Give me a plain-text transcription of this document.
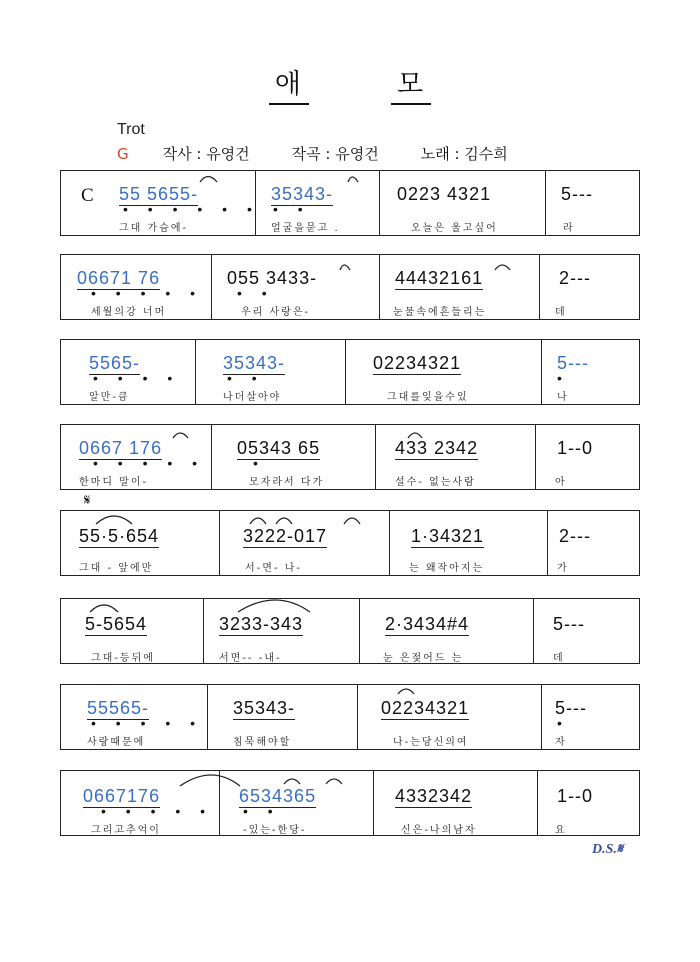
애	모
Trot
G 작사 : 유영건	작곡 : 유영건	노래 : 김수희
C 55 5655-	35343-	0223 4321	5---
• • • • • • • •
그대 가슴에-	얼굴을묻고 .	오늘은 울고싶어	라
06671 76	055 3433-	44432161	2---
• • • • • • •
세월의강 너머	우리 사랑은-	눈물속에흔들리는	데
5565-	35343-	02234321	5---
• • • •	• •	•
알만-큼	나더살아야	그대를잊을수있	나
0667 176	05343 65	433 2342	1--0
• • • • •	•
한마디 말이-	모자라서 다가	설수- 없는사람	아
𝄋
55·5·654	3222-017	1·34321	2---
그대 - 앞에만	서-면- 나-	는 왜작아지는	가
5-5654	3233-343	2·3434#4	5---
그대-등뒤에	서면-- -내-	눈 은젖어드 는	데
55565-	35343-	02234321	5---
• • • • •	•
사랑때문에	침묵해야할	나-는당신의여	자
0667176	6534365	4332342	1--0
• • • • • • •
그리고추억이	-있는-한당-	신은-나의남자	요
D.S.𝄋
